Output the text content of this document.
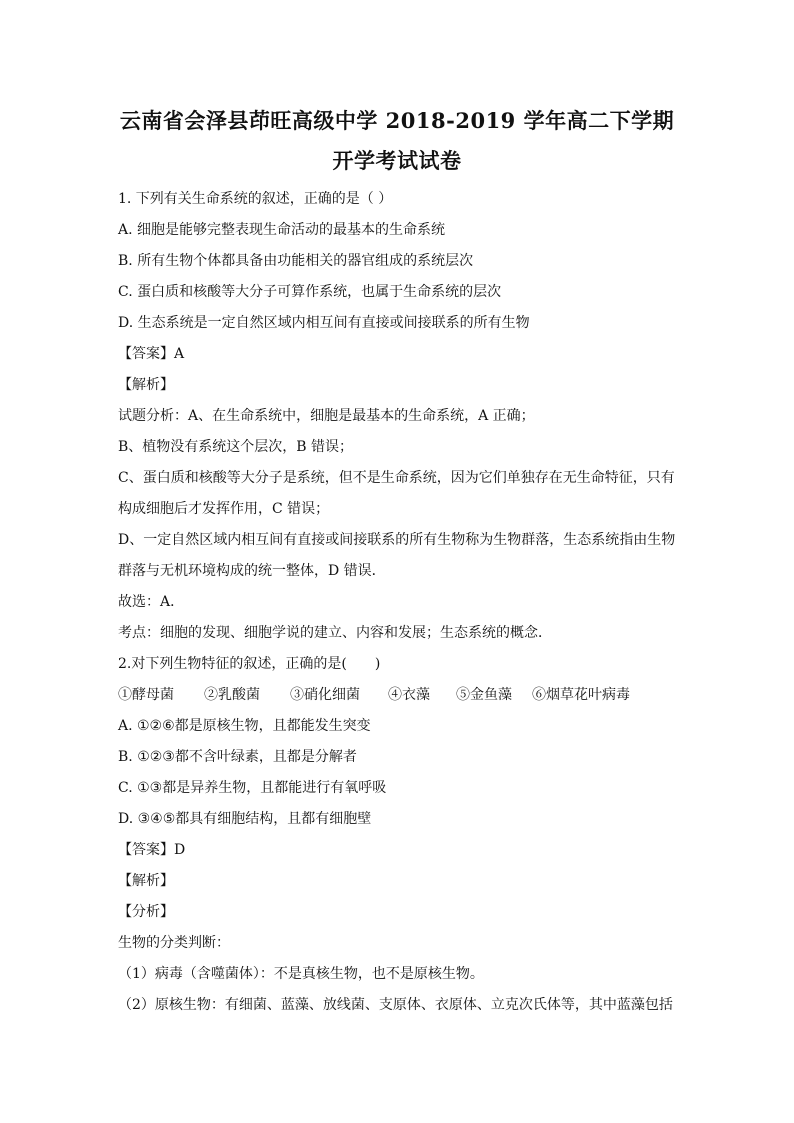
云南省会泽县茚旺高级中学 2018-2019 学年高二下学期
开学考试试卷
1. 下列有关生命系统的叙述，正确的是（ ）
A. 细胞是能够完整表现生命活动的最基本的生命系统
B. 所有生物个体都具备由功能相关的器官组成的系统层次
C. 蛋白质和核酸等大分子可算作系统，也属于生命系统的层次
D. 生态系统是一定自然区域内相互间有直接或间接联系的所有生物
【答案】A
【解析】
试题分析：A、在生命系统中，细胞是最基本的生命系统，A 正确；
B、植物没有系统这个层次，B 错误；
C、蛋白质和核酸等大分子是系统，但不是生命系统，因为它们单独存在无生命特征，只有
构成细胞后才发挥作用，C 错误；
D、一定自然区域内相互间有直接或间接联系的所有生物称为生物群落，生态系统指由生物
群落与无机环境构成的统一整体，D 错误．
故选：A．
考点：细胞的发现、细胞学说的建立、内容和发展；生态系统的概念．
2.对下列生物特征的叙述，正确的是(　　)
①酵母菌 ②乳酸菌 ③硝化细菌 ④衣藻 ⑤金鱼藻 ⑥烟草花叶病毒
A. ①②⑥都是原核生物，且都能发生突变
B. ①②③都不含叶绿素，且都是分解者
C. ①③都是异养生物，且都能进行有氧呼吸
D. ③④⑤都具有细胞结构，且都有细胞壁
【答案】D
【解析】
【分析】
生物的分类判断：
（1）病毒（含噬菌体）：不是真核生物，也不是原核生物。
（2）原核生物：有细菌、蓝藻、放线菌、支原体、衣原体、立克次氏体等，其中蓝藻包括
